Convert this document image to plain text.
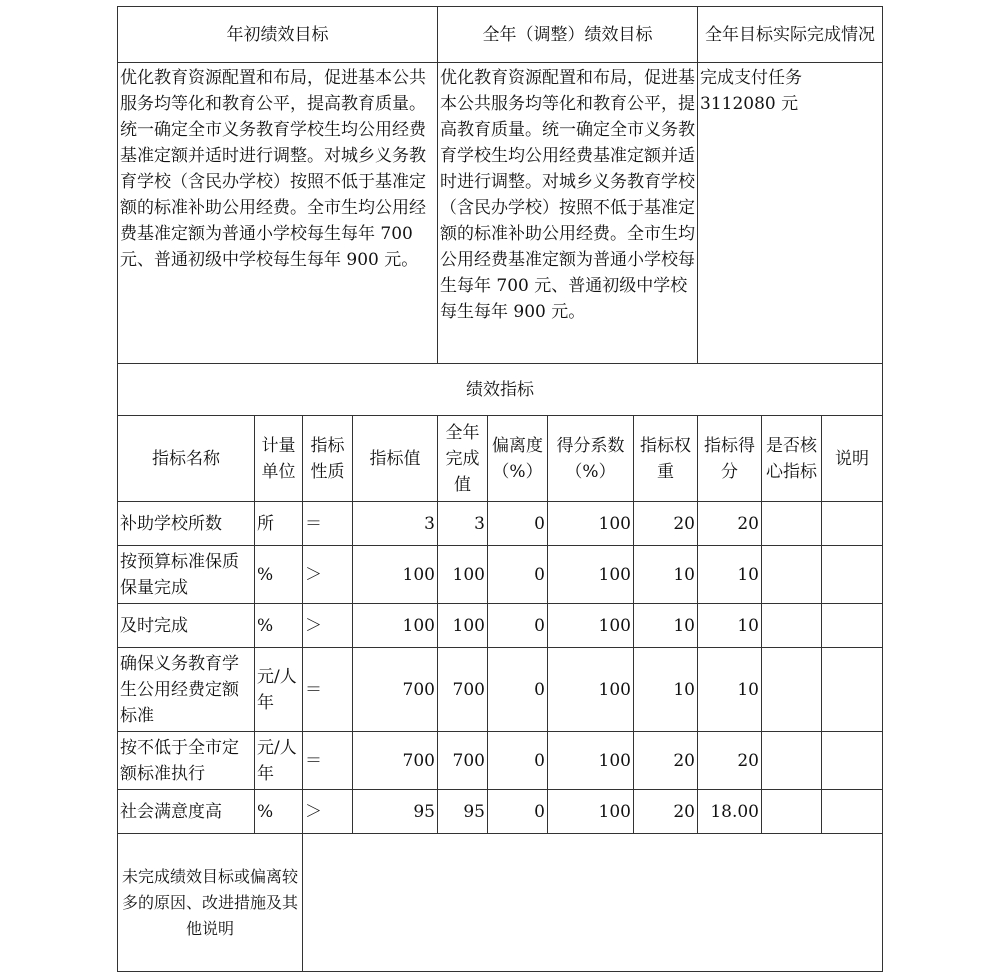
年初绩效目标				全年（调整）绩效目标				全年目标实际完成情况		
优化教育资源配置和布局，促进基本公共服务均等化和教育公平，提高教育质量。统一确定全市义务教育学校生均公用经费基准定额并适时进行调整。对城乡义务教育学校（含民办学校）按照不低于基准定额的标准补助公用经费。全市生均公用经费基准定额为普通小学校每生每年 700 元、普通初级中学校每生每年 900 元。				优化教育资源配置和布局，促进基本公共服务均等化和教育公平，提高教育质量。统一确定全市义务教育学校生均公用经费基准定额并适时进行调整。对城乡义务教育学校（含民办学校）按照不低于基准定额的标准补助公用经费。全市生均公用经费基准定额为普通小学校每生每年 700 元、普通初级中学校每生每年 900 元。				完成支付任务 3112080 元		
绩效指标										
指标名称	计量单位	指标性质	指标值	全年完成值	偏离度（%）	得分系数（%）	指标权重	指标得分	是否核心指标	说明
补助学校所数	所	＝	3	3	0	100	20	20		
按预算标准保质保量完成	%	＞	100	100	0	100	10	10		
及时完成	%	＞	100	100	0	100	10	10		
确保义务教育学生公用经费定额标准	元/人年	＝	700	700	0	100	10	10		
按不低于全市定额标准执行	元/人年	＝	700	700	0	100	20	20		
社会满意度高	%	＞	95	95	0	100	20	18.00		
未完成绩效目标或偏离较多的原因、改进措施及其他说明										
